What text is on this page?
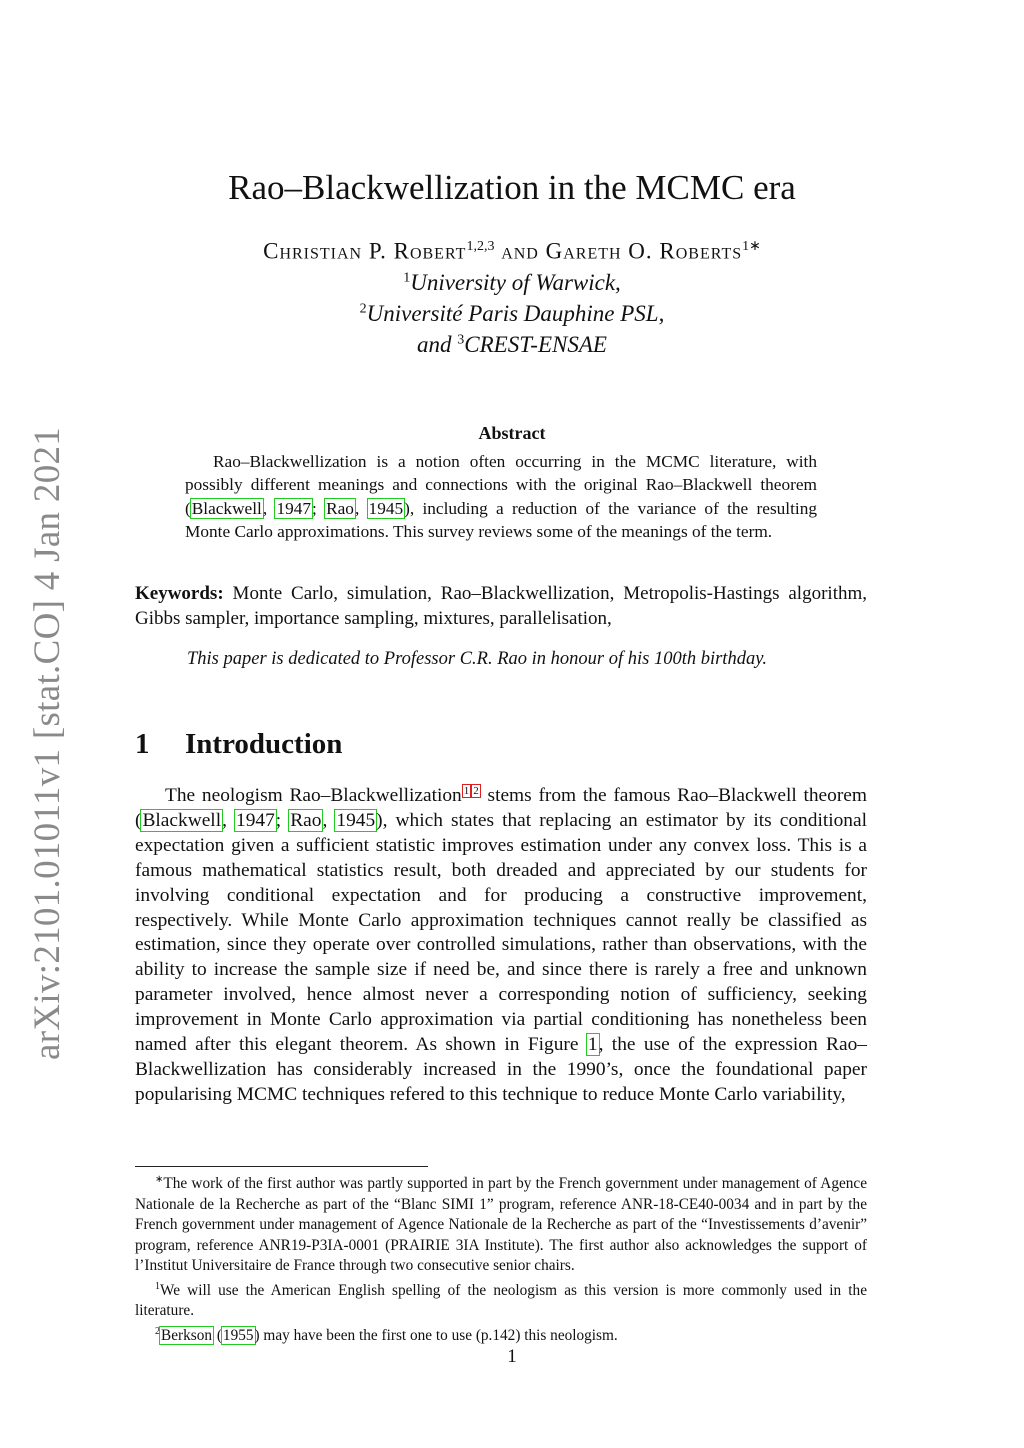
arXiv:2101.01011v1 [stat.CO] 4 Jan 2021
Rao–Blackwellization in the MCMC era
Christian P. Robert$^{1,2,3}$ and Gareth O. Roberts$^{1∗}$
$^1$University of Warwick,
$^2$Université Paris Dauphine PSL,
and $^3$CREST-ENSAE
Abstract
Rao–Blackwellization is a notion often occurring in the MCMC literature, with possibly different meanings and connections with the original Rao–Blackwell theorem (Blackwell, 1947; Rao, 1945), including a reduction of the variance of the resulting Monte Carlo approximations. This survey reviews some of the meanings of the term.
Keywords: Monte Carlo, simulation, Rao–Blackwellization, Metropolis-Hastings algorithm, Gibbs sampler, importance sampling, mixtures, parallelisation,
This paper is dedicated to Professor C.R. Rao in honour of his 100th birthday.
1 Introduction

The neologism Rao–Blackwellization $^1$ $^2$ stems from the famous Rao–Blackwell theorem (Blackwell, 1947; Rao, 1945), which states that replacing an estimator by its conditional expectation given a sufficient statistic improves estimation under any convex loss. This is a famous mathematical statistics result, both dreaded and appreciated by our students for involving conditional expectation and for producing a constructive improvement, respectively. While Monte Carlo approximation techniques cannot really be classified as estimation, since they operate over controlled simulations, rather than observations, with the ability to increase the sample size if need be, and since there is rarely a free and unknown parameter involved, hence almost never a corresponding notion of sufficiency, seeking improvement in Monte Carlo approximation via partial conditioning has nonetheless been named after this elegant theorem. As shown in Figure 1, the use of the expression Rao–Blackwellization has considerably increased in the 1990’s, once the foundational paper popularising MCMC techniques refered to this technique to reduce Monte Carlo variability,

∗The work of the first author was partly supported in part by the French government under management of Agence Nationale de la Recherche as part of the “Blanc SIMI 1” program, reference ANR-18-CE40-0034 and in part by the French government under management of Agence Nationale de la Recherche as part of the “Investissements d’avenir” program, reference ANR19-P3IA-0001 (PRAIRIE 3IA Institute). The first author also acknowledges the support of l’Institut Universitaire de France through two consecutive senior chairs.

$^1$We will use the American English spelling of the neologism as this version is more commonly used in the literature.

$^2$Berkson (1955) may have been the first one to use (p.142) this neologism.

1
